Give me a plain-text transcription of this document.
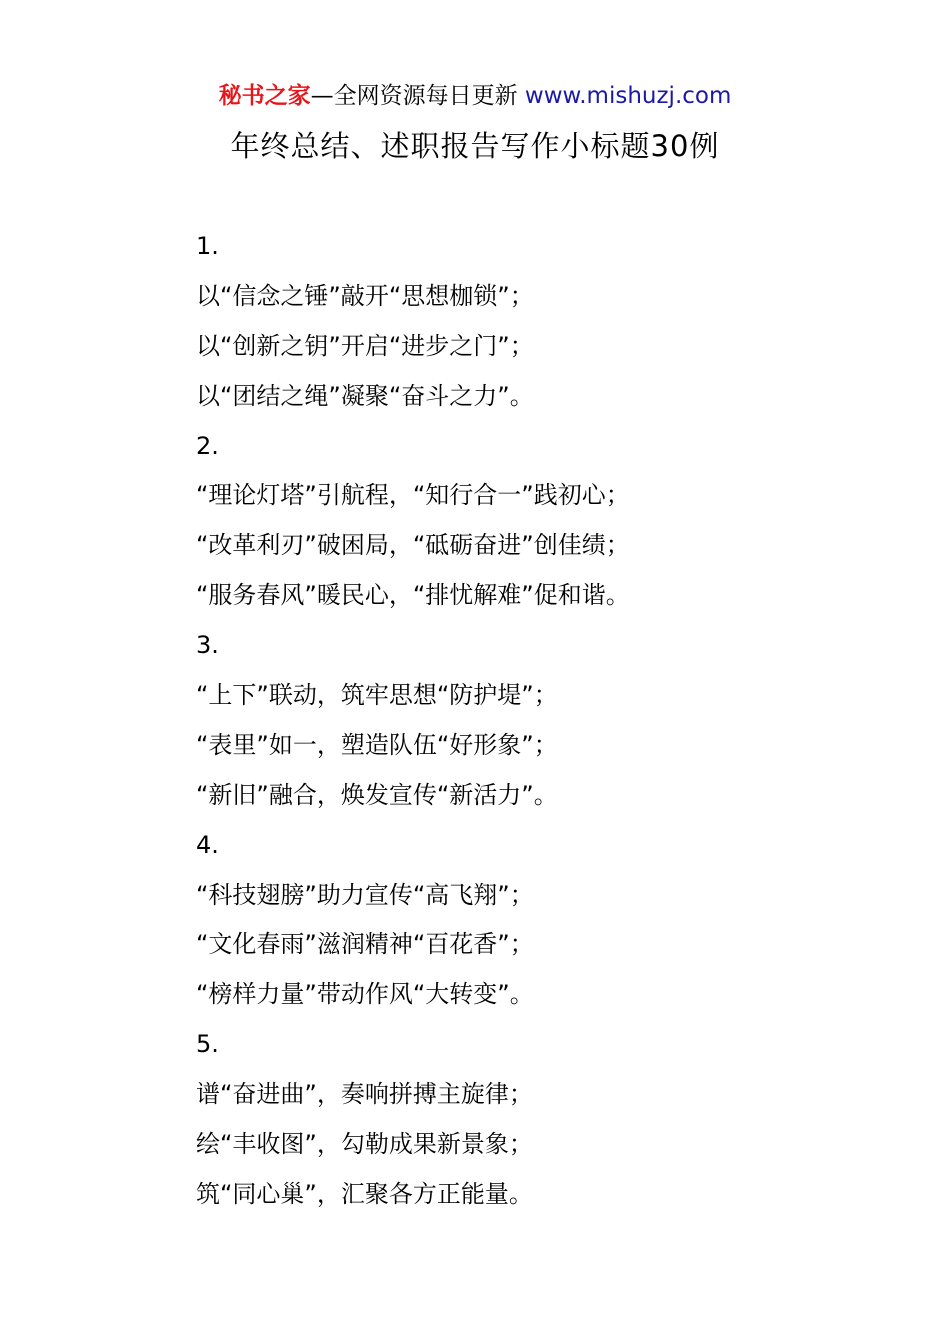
秘书之家—全网资源每日更新 www.mishuzj.com
年终总结、述职报告写作小标题30例
1.
以“信念之锤”敲开“思想枷锁”；
以“创新之钥”开启“进步之门”；
以“团结之绳”凝聚“奋斗之力”。
2.
“理论灯塔”引航程，“知行合一”践初心；
“改革利刃”破困局，“砥砺奋进”创佳绩；
“服务春风”暖民心，“排忧解难”促和谐。
3.
“上下”联动，筑牢思想“防护堤”；
“表里”如一，塑造队伍“好形象”；
“新旧”融合，焕发宣传“新活力”。
4.
“科技翅膀”助力宣传“高飞翔”；
“文化春雨”滋润精神“百花香”；
“榜样力量”带动作风“大转变”。
5.
谱“奋进曲”，奏响拼搏主旋律；
绘“丰收图”，勾勒成果新景象；
筑“同心巢”，汇聚各方正能量。
